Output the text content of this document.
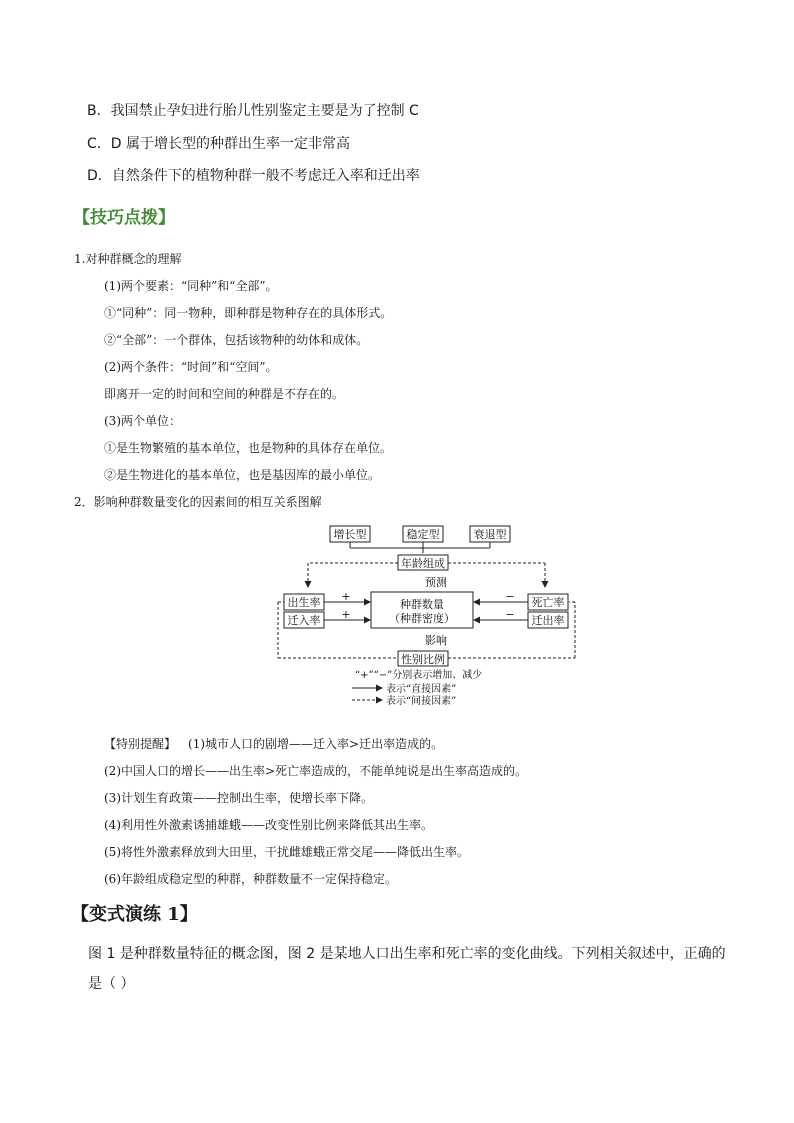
B．我国禁止孕妇进行胎儿性别鉴定主要是为了控制 C
C．D 属于增长型的种群出生率一定非常高
D．自然条件下的植物种群一般不考虑迁入率和迁出率
【技巧点拨】
1.对种群概念的理解
(1)两个要素：“同种”和“全部”。
①“同种”：同一物种，即种群是物种存在的具体形式。
②“全部”：一个群体，包括该物种的幼体和成体。
(2)两个条件：“时间”和“空间”。
即离开一定的时间和空间的种群是不存在的。
(3)两个单位：
①是生物繁殖的基本单位，也是物种的具体存在单位。
②是生物进化的基本单位，也是基因库的最小单位。
2．影响种群数量变化的因素间的相互关系图解
增长型	稳定型	衰退型
年龄组成
预测
出生率
迁入率
死亡率
迁出率
种群数量
（种群密度）
+
+
−
−
影响
性别比例
“+”“−”分别表示增加、减少
表示“直接因素”
表示“间接因素”
【特别提醒】 (1)城市人口的剧增——迁入率>迁出率造成的。
(2)中国人口的增长——出生率>死亡率造成的，不能单纯说是出生率高造成的。
(3)计划生育政策——控制出生率，使增长率下降。
(4)利用性外激素诱捕雄蛾——改变性别比例来降低其出生率。
(5)将性外激素释放到大田里，干扰雌雄蛾正常交尾——降低出生率。
(6)年龄组成稳定型的种群，种群数量不一定保持稳定。
【变式演练 1】
图 1 是种群数量特征的概念图，图 2 是某地人口出生率和死亡率的变化曲线。下列相关叙述中，正确的
是（ ）
